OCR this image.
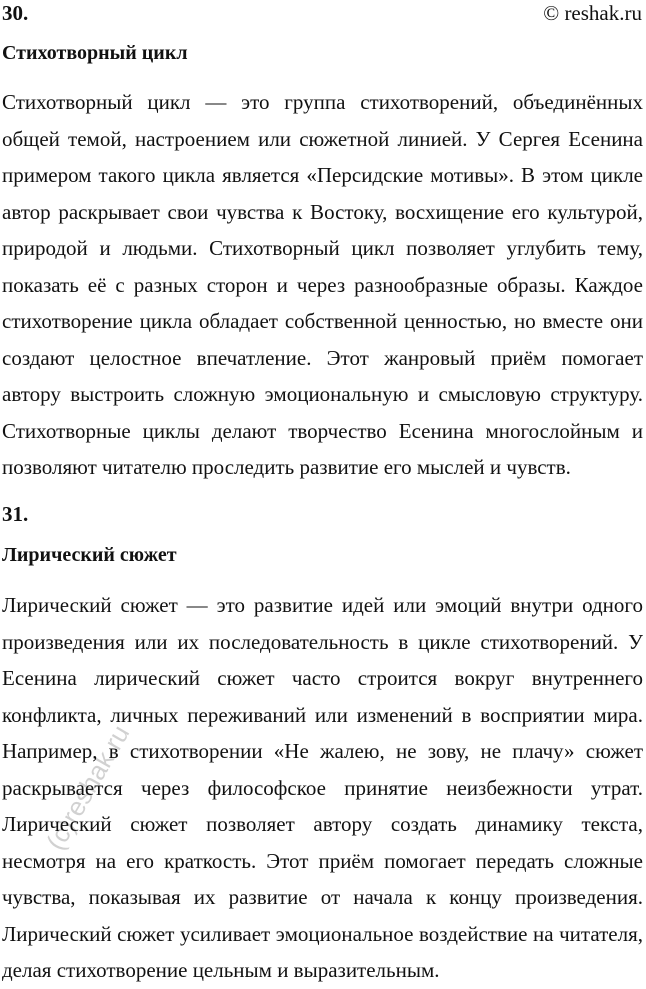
30.	© reshak.ru
Стихотворный цикл
Стихотворный цикл — это группа стихотворений, объединённых
общей темой, настроением или сюжетной линией. У Сергея Есенина
примером такого цикла является «Персидские мотивы». В этом цикле
автор раскрывает свои чувства к Востоку, восхищение его культурой,
природой и людьми. Стихотворный цикл позволяет углубить тему,
показать её с разных сторон и через разнообразные образы. Каждое
стихотворение цикла обладает собственной ценностью, но вместе они
создают целостное впечатление. Этот жанровый приём помогает
автору выстроить сложную эмоциональную и смысловую структуру.
Стихотворные циклы делают творчество Есенина многослойным и
позволяют читателю проследить развитие его мыслей и чувств.
31.
Лирический сюжет
Лирический сюжет — это развитие идей или эмоций внутри одного
произведения или их последовательность в цикле стихотворений. У
Есенина лирический сюжет часто строится вокруг внутреннего
конфликта, личных переживаний или изменений в восприятии мира.
Например, в стихотворении «Не жалею, не зову, не плачу» сюжет
раскрывается через философское принятие неизбежности утрат.
Лирический сюжет позволяет автору создать динамику текста,
несмотря на его краткость. Этот приём помогает передать сложные
чувства, показывая их развитие от начала к концу произведения.
Лирический сюжет усиливает эмоциональное воздействие на читателя,
делая стихотворение цельным и выразительным.
(c)reshak.ru
